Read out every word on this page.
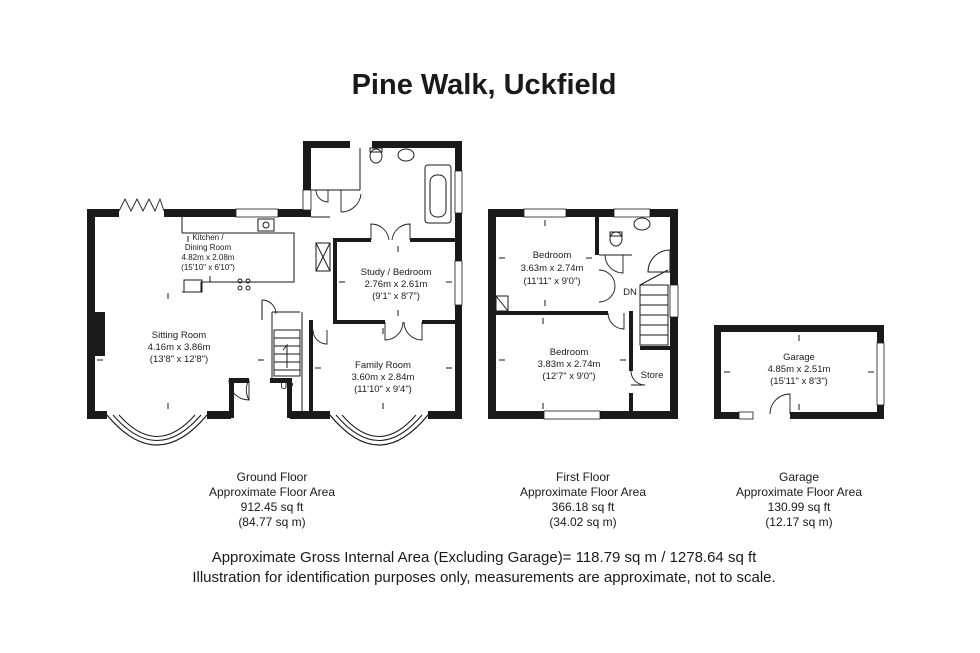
Pine Walk, Uckfield
Kitchen /
Dining Room
4.82m x 2.08m
(15'10" x 6'10")
Sitting Room
4.16m x 3.86m
(13'8" x 12'8")
Study / Bedroom
2.76m x 2.61m
(9'1" x 8'7")
Family Room
3.60m x 2.84m
(11'10" x 9'4")
UP
Bedroom
3.63m x 2.74m
(11'11" x 9'0")
Bedroom
3.83m x 2.74m
(12'7" x 9'0")
DN
Store
Garage
4.85m x 2.51m
(15'11" x 8'3")
Ground Floor
Approximate Floor Area
912.45 sq ft
(84.77 sq m)
First Floor
Approximate Floor Area
366.18 sq ft
(34.02 sq m)
Garage
Approximate Floor Area
130.99 sq ft
(12.17 sq m)
Approximate Gross Internal Area (Excluding Garage)= 118.79 sq m / 1278.64 sq ft
Illustration for identification purposes only, measurements are approximate, not to scale.
